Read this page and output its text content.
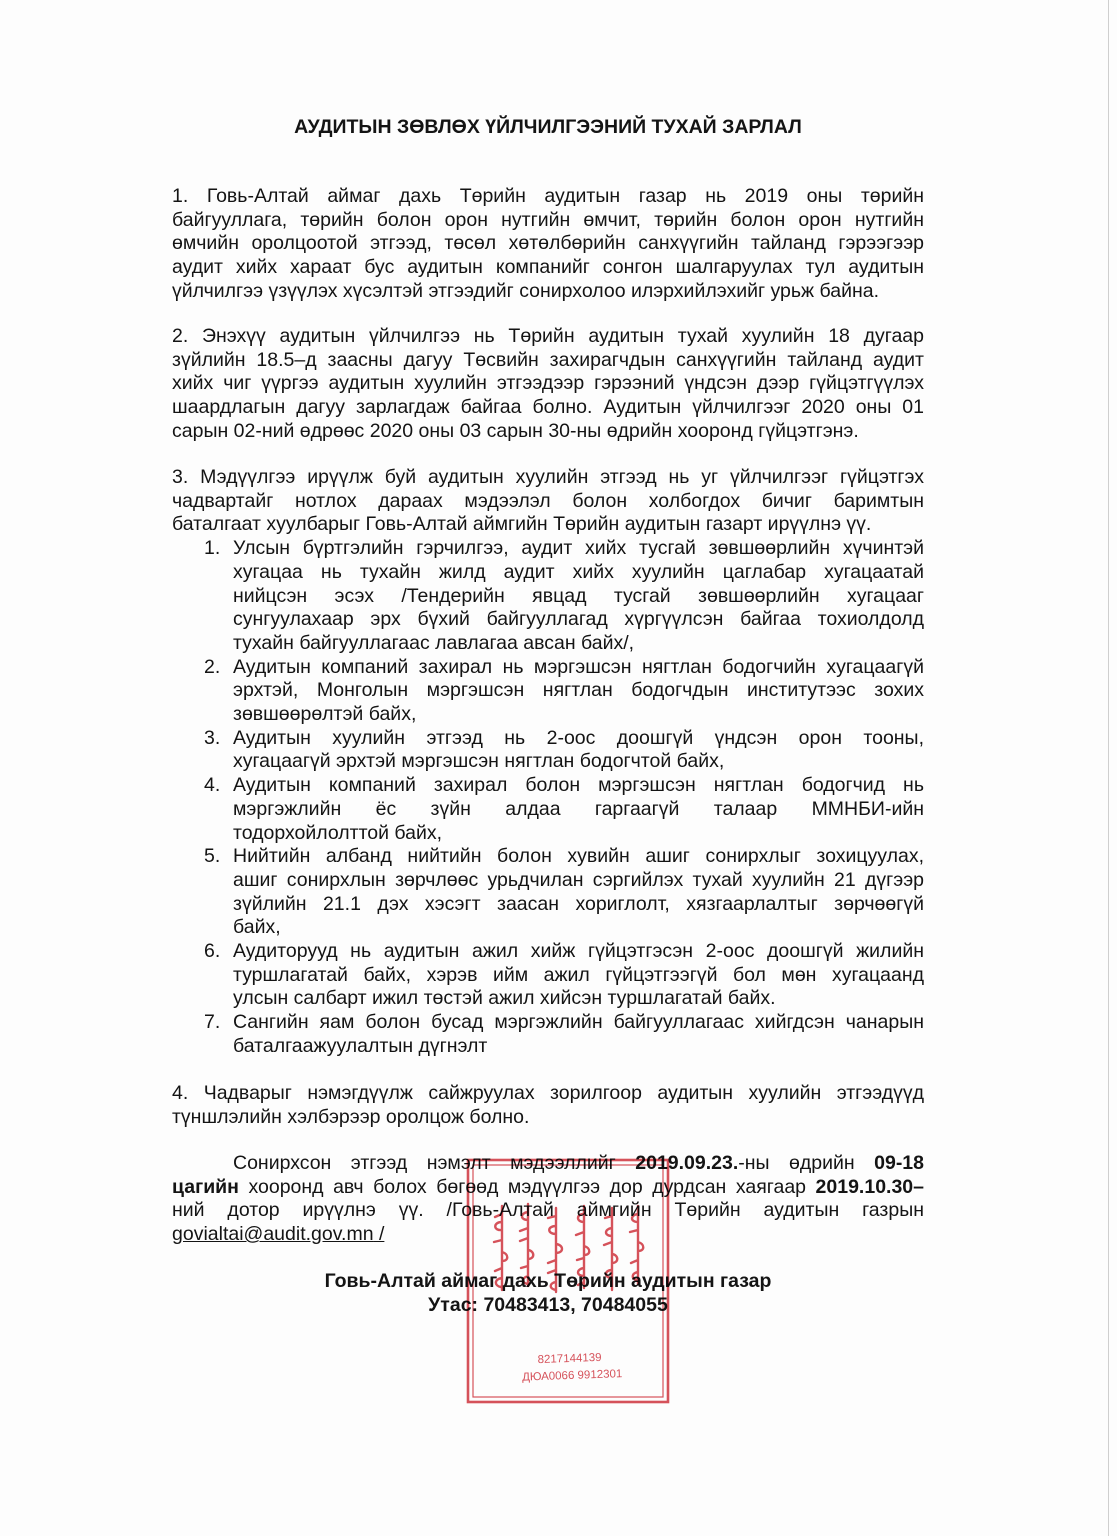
АУДИТЫН ЗӨВЛӨХ ҮЙЛЧИЛГЭЭНИЙ ТУХАЙ ЗАРЛАЛ
1. Говь-Алтай аймаг дахь Төрийн аудитын газар нь 2019 оны төрийн
байгууллага, төрийн болон орон нутгийн өмчит, төрийн болон орон нутгийн
өмчийн оролцоотой этгээд, төсөл хөтөлбөрийн санхүүгийн тайланд гэрээгээр
аудит хийх хараат бус аудитын компанийг сонгон шалгаруулах тул аудитын
үйлчилгээ үзүүлэх хүсэлтэй этгээдийг сонирхолоо илэрхийлэхийг урьж байна.
2. Энэхүү аудитын үйлчилгээ нь Төрийн аудитын тухай хуулийн 18 дугаар
зүйлийн 18.5–д заасны дагуу Төсвийн захирагчдын санхүүгийн тайланд аудит
хийх чиг үүргээ аудитын хуулийн этгээдээр гэрээний үндсэн дээр гүйцэтгүүлэх
шаардлагын дагуу зарлагдаж байгаа болно. Аудитын үйлчилгээг 2020 оны 01
сарын 02-ний өдрөөс 2020 оны 03 сарын 30-ны өдрийн хооронд гүйцэтгэнэ.
3. Мэдүүлгээ ирүүлж буй аудитын хуулийн этгээд нь уг үйлчилгээг гүйцэтгэх
чадвартайг нотлох дараах мэдээлэл болон холбогдох бичиг баримтын
баталгаат хуулбарыг Говь-Алтай аймгийн Төрийн аудитын газарт ирүүлнэ үү.
1. Улсын бүртгэлийн гэрчилгээ, аудит хийх тусгай зөвшөөрлийн хүчинтэй
хугацаа нь тухайн жилд аудит хийх хуулийн цаглабар хугацаатай
нийцсэн эсэх /Тендерийн явцад тусгай зөвшөөрлийн хугацааг
сунгуулахаар эрх бүхий байгууллагад хүргүүлсэн байгаа тохиолдолд
тухайн байгууллагаас лавлагаа авсан байх/,
2. Аудитын компаний захирал нь мэргэшсэн нягтлан бодогчийн хугацаагүй
эрхтэй, Монголын мэргэшсэн нягтлан бодогчдын институтээс зохих
зөвшөөрөлтэй байх,
3. Аудитын хуулийн этгээд нь 2-оос доошгүй үндсэн орон тооны,
хугацаагүй эрхтэй мэргэшсэн нягтлан бодогчтой байх,
4. Аудитын компаний захирал болон мэргэшсэн нягтлан бодогчид нь
мэргэжлийн ёс зүйн алдаа гаргаагүй талаар ММНБИ-ийн
тодорхойлолттой байх,
5. Нийтийн албанд нийтийн болон хувийн ашиг сонирхлыг зохицуулах,
ашиг сонирхлын зөрчлөөс урьдчилан сэргийлэх тухай хуулийн 21 дүгээр
зүйлийн 21.1 дэх хэсэгт заасан хориглолт, хязгаарлалтыг зөрчөөгүй
байх,
6. Аудиторууд нь аудитын ажил хийж гүйцэтгэсэн 2-оос доошгүй жилийн
туршлагатай байх, хэрэв ийм ажил гүйцэтгээгүй бол мөн хугацаанд
улсын салбарт ижил төстэй ажил хийсэн туршлагатай байх.
7. Сангийн яам болон бусад мэргэжлийн байгууллагаас хийгдсэн чанарын
баталгаажуулалтын дүгнэлт
4. Чадварыг нэмэгдүүлж сайжруулах зорилгоор аудитын хуулийн этгээдүүд
түншлэлийн хэлбэрээр оролцож болно.
Сонирхсон этгээд нэмэлт мэдээллийг 2019.09.23.-ны өдрийн 09-18
цагийн хооронд авч болох бөгөөд мэдүүлгээ дор дурдсан хаягаар 2019.10.30–
ний дотор ирүүлнэ үү. /Говь-Алтай аймгийн Төрийн аудитын газрын
govialtai@audit.gov.mn /
Говь-Алтай аймаг дахь Төрийн аудитын газар
Утас: 70483413, 70484055
8217144139
ДЮА0066 9912301
